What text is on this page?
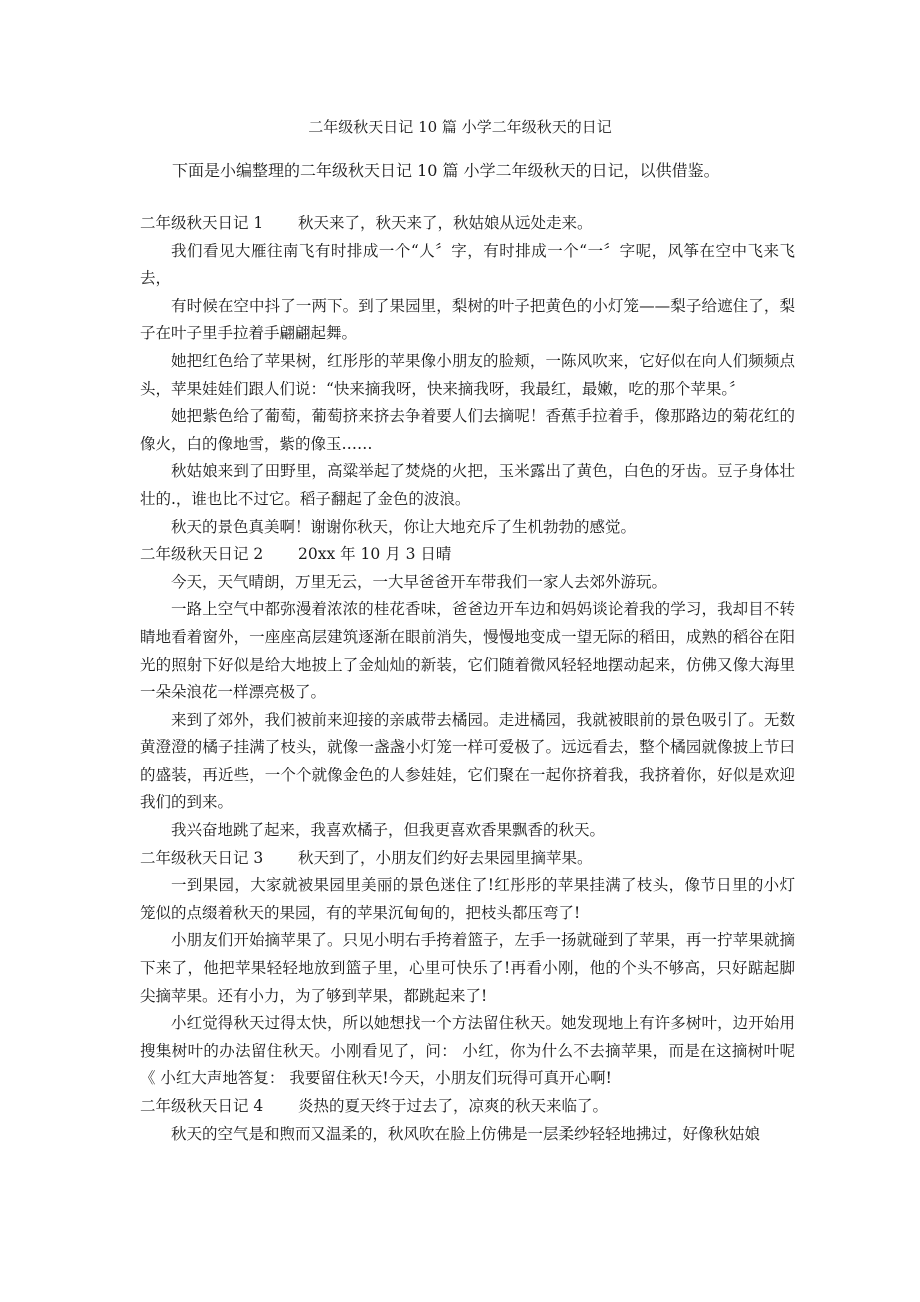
二年级秋天日记 10 篇 小学二年级秋天的日记
下面是小编整理的二年级秋天日记 10 篇 小学二年级秋天的日记，以供借鉴。
二年级秋天日记 1 秋天来了，秋天来了，秋姑娘从远处走来。

我们看见大雁往南飞有时排成一个“人〞字，有时排成一个“一〞字呢，风筝在空中飞来飞去，

有时候在空中抖了一两下。到了果园里，梨树的叶子把黄色的小灯笼——梨子给遮住了，梨子在叶子里手拉着手翩翩起舞。

她把红色给了苹果树，红彤彤的苹果像小朋友的脸颊，一陈风吹来，它好似在向人们频频点头，苹果娃娃们跟人们说：“快来摘我呀，快来摘我呀，我最红，最嫩，吃的那个苹果。〞

她把紫色给了葡萄，葡萄挤来挤去争着要人们去摘呢！香蕉手拉着手，像那路边的菊花红的像火，白的像地雪，紫的像玉……

秋姑娘来到了田野里，高粱举起了焚烧的火把，玉米露出了黄色，白色的牙齿。豆子身体壮壮的.，谁也比不过它。稻子翻起了金色的波浪。

秋天的景色真美啊！谢谢你秋天，你让大地充斥了生机勃勃的感觉。

二年级秋天日记 2 20xx 年 10 月 3 日晴

今天，天气晴朗，万里无云，一大早爸爸开车带我们一家人去郊外游玩。

一路上空气中都弥漫着浓浓的桂花香味，爸爸边开车边和妈妈谈论着我的学习，我却目不转睛地看着窗外，一座座高层建筑逐渐在眼前消失，慢慢地变成一望无际的稻田，成熟的稻谷在阳光的照射下好似是给大地披上了金灿灿的新装，它们随着微风轻轻地摆动起来，仿佛又像大海里一朵朵浪花一样漂亮极了。

来到了郊外，我们被前来迎接的亲戚带去橘园。走进橘园，我就被眼前的景色吸引了。无数黄澄澄的橘子挂满了枝头，就像一盏盏小灯笼一样可爱极了。远远看去，整个橘园就像披上节曰的盛装，再近些，一个个就像金色的人参娃娃，它们聚在一起你挤着我，我挤着你，好似是欢迎我们的到来。

我兴奋地跳了起来，我喜欢橘子，但我更喜欢香果飘香的秋天。

二年级秋天日记 3 秋天到了，小朋友们约好去果园里摘苹果。

一到果园，大家就被果园里美丽的景色迷住了!红彤彤的苹果挂满了枝头，像节日里的小灯笼似的点缀着秋天的果园，有的苹果沉甸甸的，把枝头都压弯了!

小朋友们开始摘苹果了。只见小明右手挎着篮子，左手一扬就碰到了苹果，再一拧苹果就摘下来了，他把苹果轻轻地放到篮子里，心里可快乐了!再看小刚，他的个头不够高，只好踮起脚尖摘苹果。还有小力，为了够到苹果，都跳起来了!

小红觉得秋天过得太快，所以她想找一个方法留住秋天。她发现地上有许多树叶，边开始用搜集树叶的办法留住秋天。小刚看见了，问： 小红，你为什么不去摘苹果，而是在这摘树叶呢《 小红大声地答复： 我要留住秋天!今天，小朋友们玩得可真开心啊!

二年级秋天日记 4 炎热的夏天终于过去了，凉爽的秋天来临了。

秋天的空气是和煦而又温柔的，秋风吹在脸上仿佛是一层柔纱轻轻地拂过，好像秋姑娘
